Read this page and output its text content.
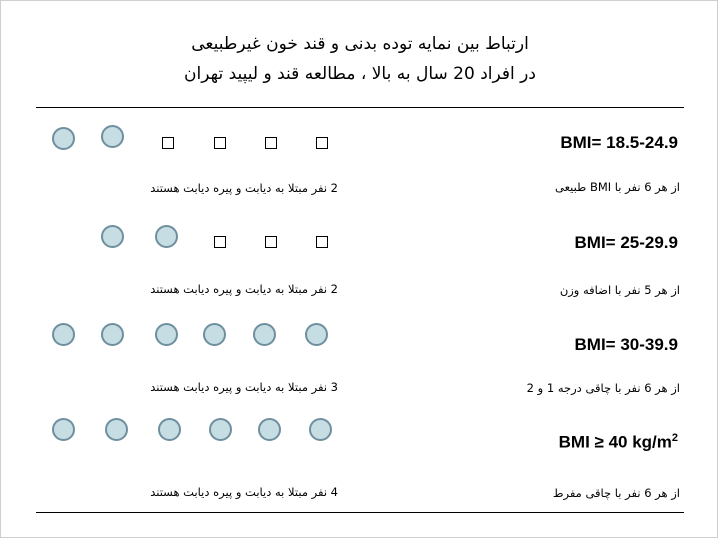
ارتباط بین نمایه توده بدنی و قند خون غیرطبیعی
در افراد 20 سال به بالا ، مطالعه قند و لیپید تهران
BMI= 18.5-24.9
از هر 6 نفر با BMI طبیعی
2 نفر مبتلا به دیابت و پیره دیابت هستند
BMI= 25-29.9
از هر 5 نفر با اضافه وزن
2 نفر مبتلا به دیابت و پیره دیابت هستند
BMI= 30-39.9
از هر 6 نفر با چاقی درجه 1 و 2
3 نفر مبتلا به دیابت و پیره دیابت هستند
BMI ≥ 40 $kg/m^2$
از هر 6 نفر با چاقی مفرط
4 نفر مبتلا به دیابت و پیره دیابت هستند
